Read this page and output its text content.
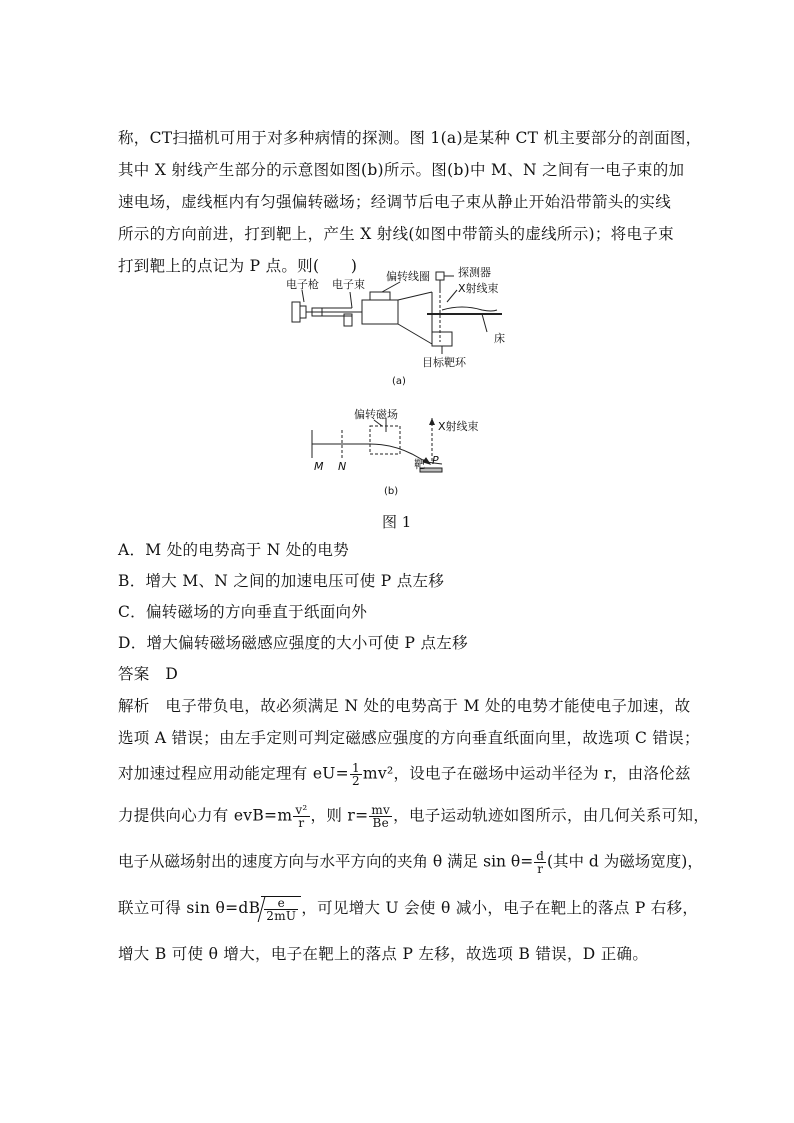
称，CT扫描机可用于对多种病情的探测。图 1(a)是某种 CT 机主要部分的剖面图，
其中 X 射线产生部分的示意图如图(b)所示。图(b)中 M、N 之间有一电子束的加
速电场，虚线框内有匀强偏转磁场；经调节后电子束从静止开始沿带箭头的实线
所示的方向前进，打到靶上，产生 X 射线(如图中带箭头的虚线所示)；将电子束
打到靶上的点记为 P 点。则(　　)
电子枪 电子束
偏转线圈	探测器
X射线束
床
目标靶环
(a)
偏转磁场
X射线束
M N	靶 P
(b)
图 1
A．M 处的电势高于 N 处的电势
B．增大 M、N 之间的加速电压可使 P 点左移
C．偏转磁场的方向垂直于纸面向外
D．增大偏转磁场磁感应强度的大小可使 P 点左移
答案　 D
解析　 电子带负电，故必须满足 N 处的电势高于 M 处的电势才能使电子加速，故
选项 A 错误；由左手定则可判定磁感应强度的方向垂直纸面向里，故选项 C 错误；
对加速过程应用动能定理有 $eU= \frac{1}{2} mv^2$，设电子在磁场中运动半径为 r，由洛伦兹
力提供向心力有 $evB=m \frac{\text{v²}}{r}$ ，则 $r= \frac{mv}{Be}$ ，电子运动轨迹如图所示，由几何关系可知，
电子从磁场射出的速度方向与水平方向的夹角 θ 满足 $\sin \theta= \frac{d}{r}$ (其中 d 为磁场宽度)，
联立可得 $\sin \theta=dB \frac{e}{2mU}$ ，可见增大 U 会使 θ 减小，电子在靶上的落点 P 右移，
增大 B 可使 θ 增大，电子在靶上的落点 P 左移，故选项 B 错误，D 正确。
